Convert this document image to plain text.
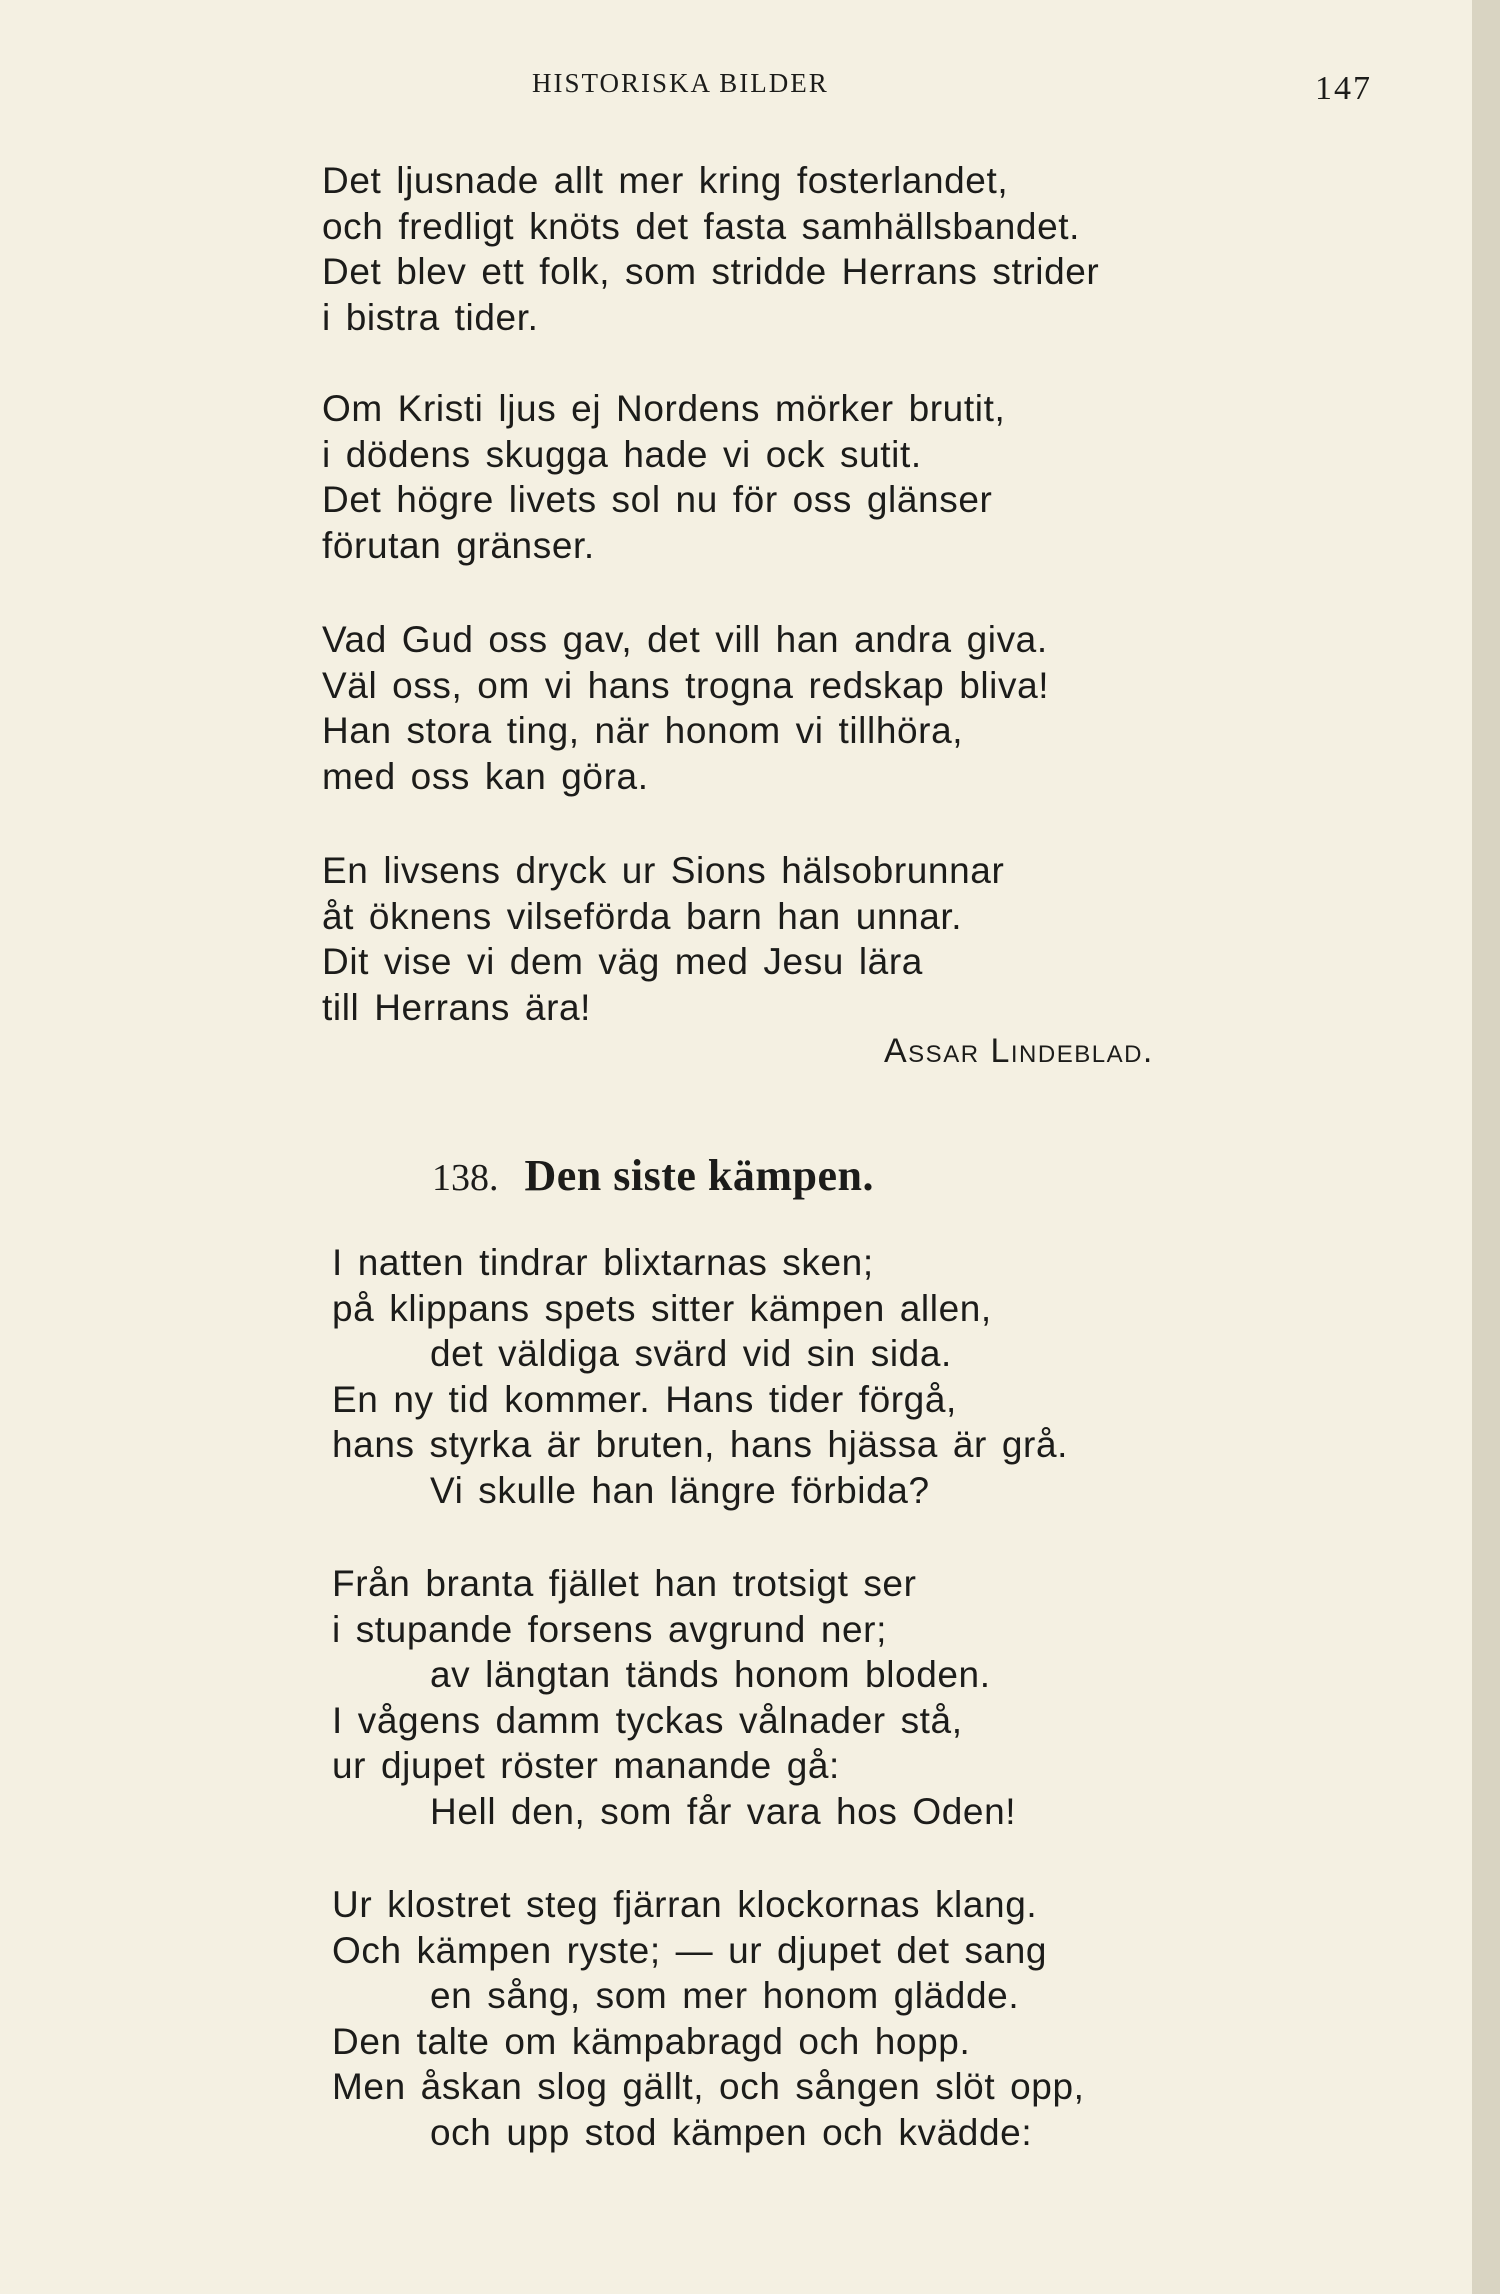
HISTORISKA BILDER	147
Det ljusnade allt mer kring fosterlandet,
och fredligt knöts det fasta samhällsbandet.
Det blev ett folk, som stridde Herrans strider
i bistra tider.
Om Kristi ljus ej Nordens mörker brutit,
i dödens skugga hade vi ock sutit.
Det högre livets sol nu för oss glänser
förutan gränser.
Vad Gud oss gav, det vill han andra giva.
Väl oss, om vi hans trogna redskap bliva!
Han stora ting, när honom vi tillhöra,
med oss kan göra.
En livsens dryck ur Sions hälsobrunnar
åt öknens vilseförda barn han unnar.
Dit vise vi dem väg med Jesu lära
till Herrans ära!
Assar Lindeblad.
138. Den siste kämpen.
I natten tindrar blixtarnas sken;
på klippans spets sitter kämpen allen,
det väldiga svärd vid sin sida.
En ny tid kommer. Hans tider förgå,
hans styrka är bruten, hans hjässa är grå.
Vi skulle han längre förbida?
Från branta fjället han trotsigt ser
i stupande forsens avgrund ner;
av längtan tänds honom bloden.
I vågens damm tyckas vålnader stå,
ur djupet röster manande gå:
Hell den, som får vara hos Oden!
Ur klostret steg fjärran klockornas klang.
Och kämpen ryste; — ur djupet det sang
en sång, som mer honom glädde.
Den talte om kämpabragd och hopp.
Men åskan slog gällt, och sången slöt opp,
och upp stod kämpen och kvädde:
